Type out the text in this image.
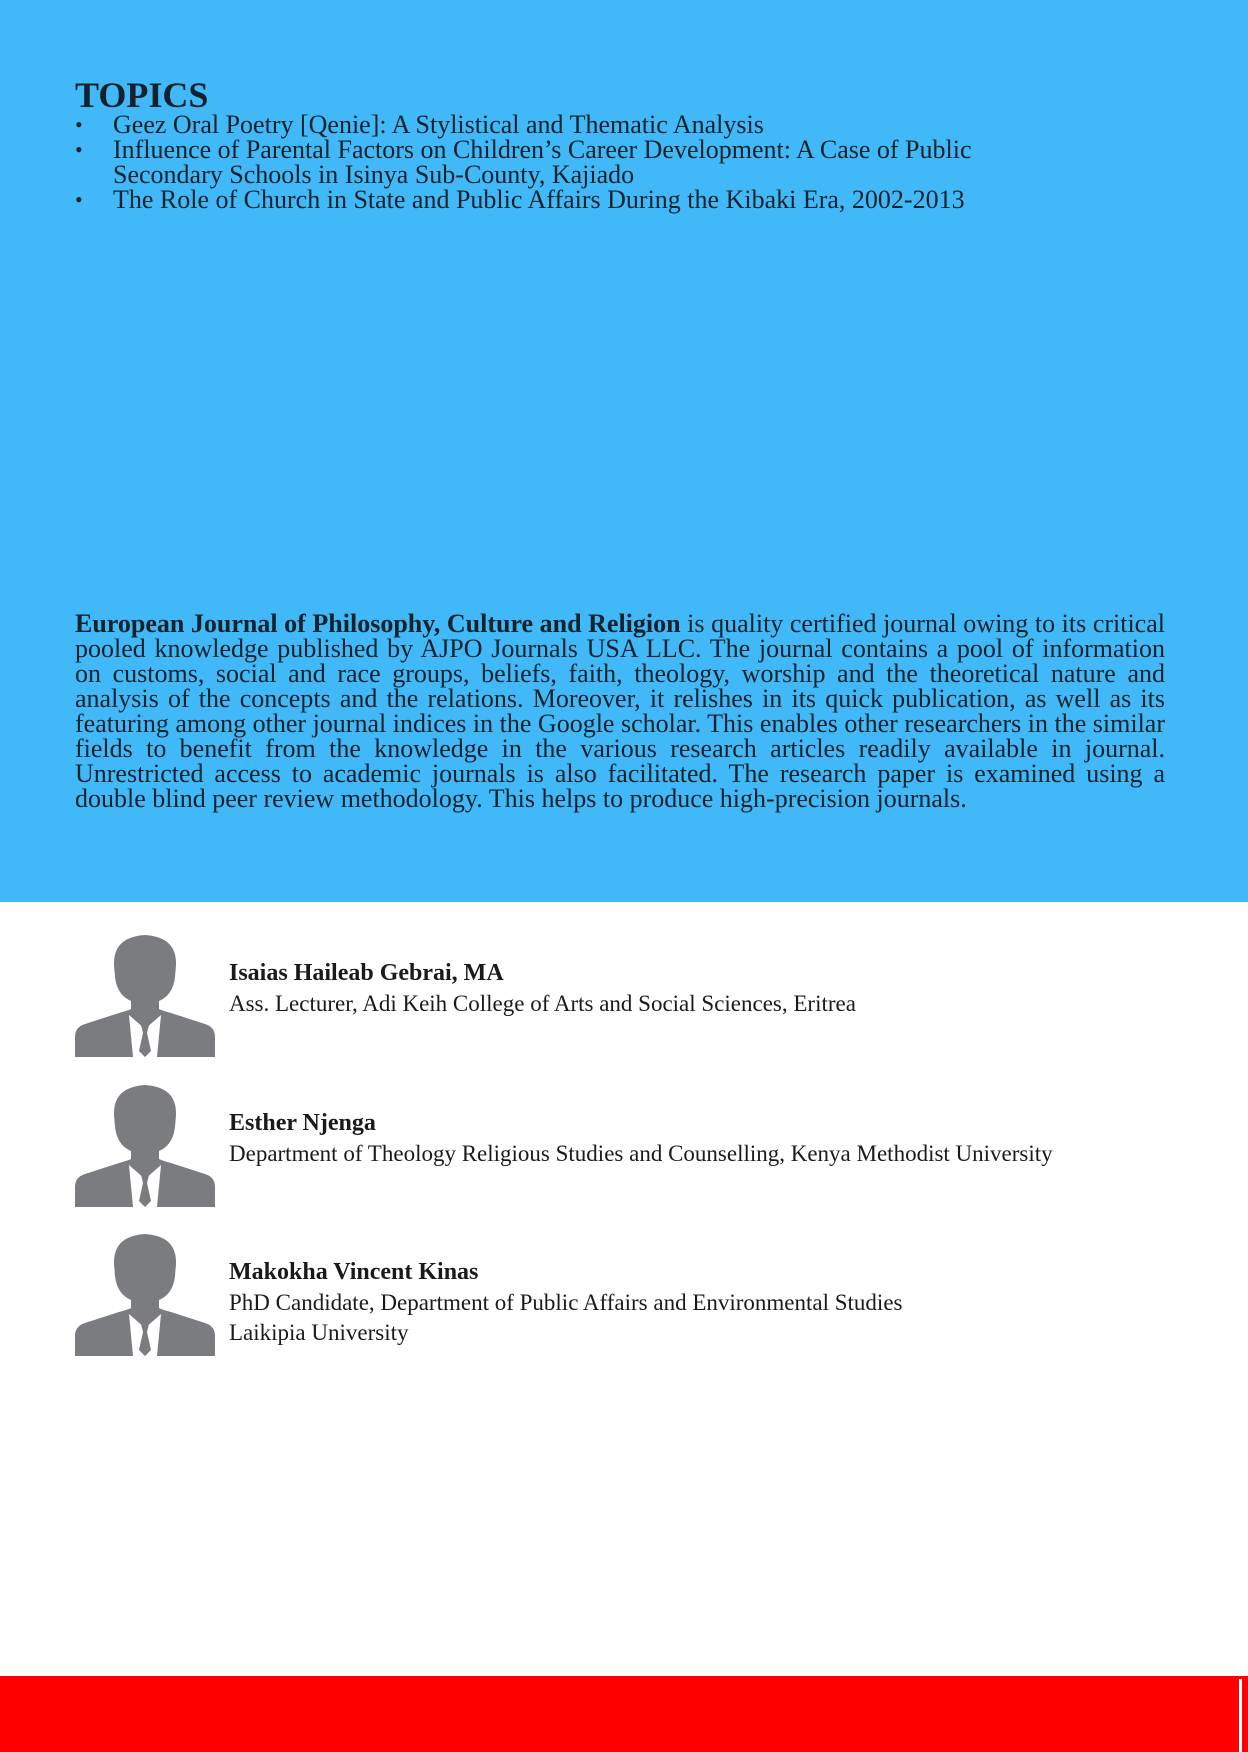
TOPICS
• Geez Oral Poetry [Qenie]: A Stylistical and Thematic Analysis
• Influence of Parental Factors on Children’s Career Development: A Case of Public
Secondary Schools in Isinya Sub-County, Kajiado
• The Role of Church in State and Public Affairs During the Kibaki Era, 2002-2013

European Journal of Philosophy, Culture and Religion is quality certified journal owing to its critical pooled knowledge published by AJPO Journals USA LLC. The journal contains a pool of information on customs, social and race groups, beliefs, faith, theology, worship and the theoretical nature and analysis of the concepts and the relations. Moreover, it relishes in its quick publication, as well as its featuring among other journal indices in the Google scholar. This enables other researchers in the similar fields to benefit from the knowledge in the various research articles readily available in journal. Unrestricted access to academic journals is also facilitated. The research paper is examined using a double blind peer review methodology. This helps to produce high-precision journals.

Isaias Haileab Gebrai, MA
Ass. Lecturer, Adi Keih College of Arts and Social Sciences, Eritrea
Esther Njenga
Department of Theology Religious Studies and Counselling, Kenya Methodist University
Makokha Vincent Kinas
PhD Candidate, Department of Public Affairs and Environmental Studies
Laikipia University
